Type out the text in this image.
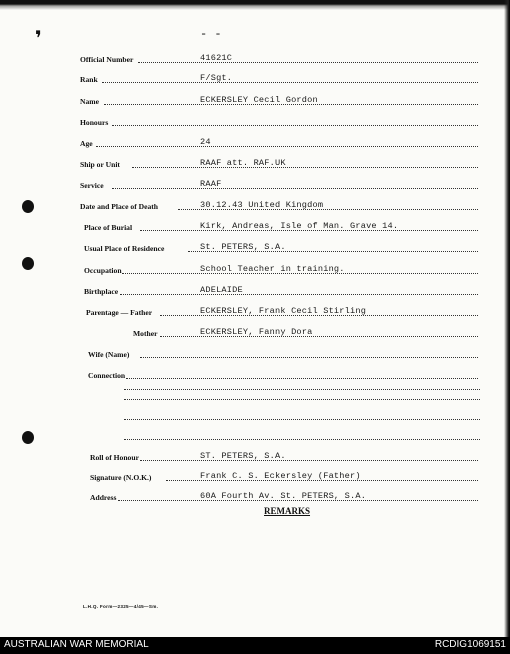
❜	- -
Official Number	41621C
Rank	F/Sgt.
Name	ECKERSLEY Cecil Gordon
Honours
Age	24
Ship or Unit	RAAF att. RAF.UK
Service	RAAF
Date and Place of Death	30.12.43 United Kingdom
Place of Burial	Kirk, Andreas, Isle of Man. Grave 14.
Usual Place of Residence	St. PETERS, S.A.
Occupation	School Teacher in training.
Birthplace	ADELAIDE
Parentage — Father	ECKERSLEY, Frank Cecil Stirling
Mother	ECKERSLEY, Fanny Dora
Wife (Name)
Connection
Roll of Honour	ST. PETERS, S.A.
Signature (N.O.K.)	Frank C. S. Eckersley (Father)
Address	60A Fourth Av. St. PETERS, S.A.
REMARKS
L.H.Q. Form—2325—4/45—Sm.
AUSTRALIAN WAR MEMORIAL	RCDIG1069151
